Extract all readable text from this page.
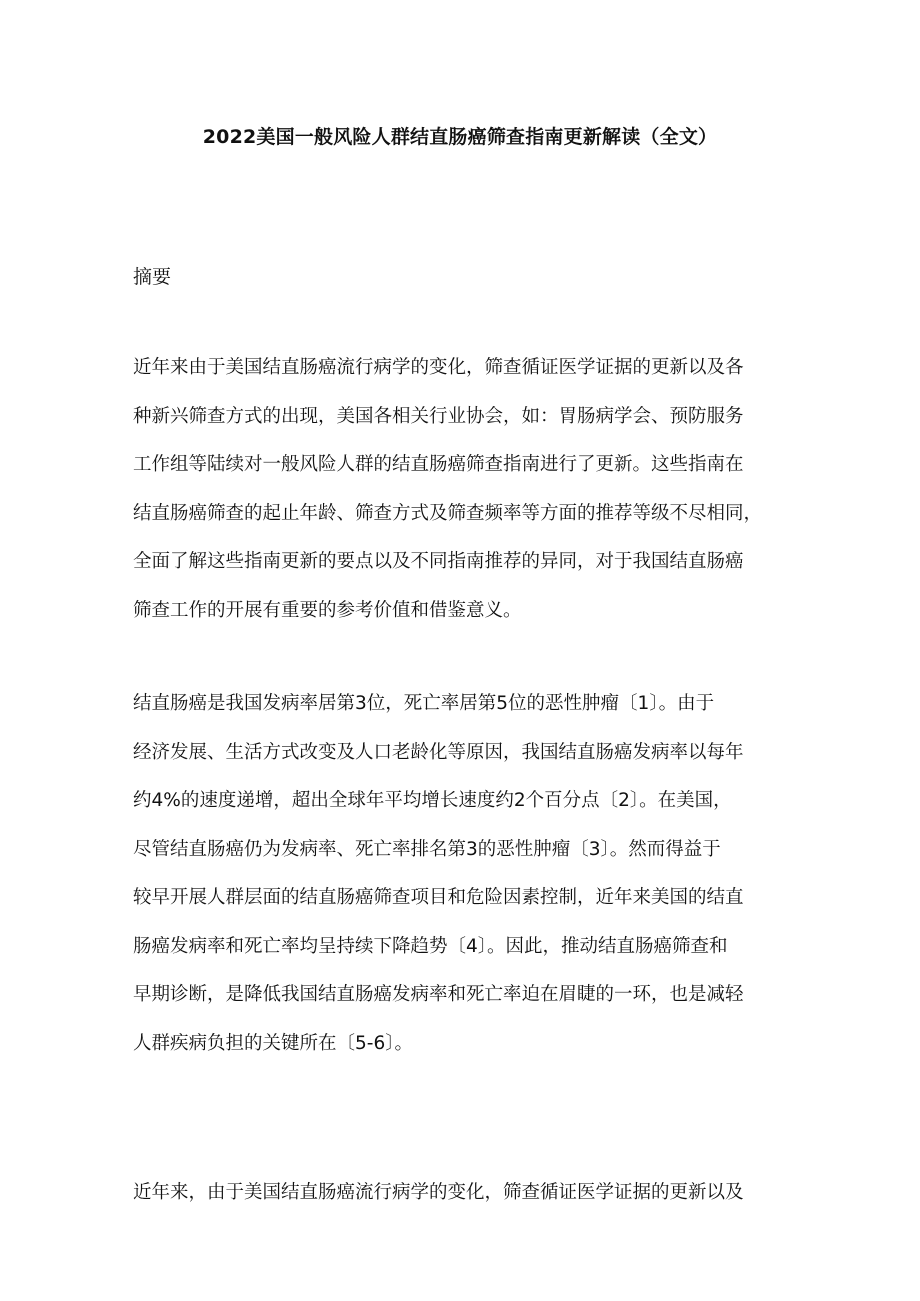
2022美国一般风险人群结直肠癌筛查指南更新解读（全文）
摘要
近年来由于美国结直肠癌流行病学的变化，筛查循证医学证据的更新以及各
种新兴筛查方式的出现，美国各相关行业协会，如：胃肠病学会、预防服务
工作组等陆续对一般风险人群的结直肠癌筛查指南进行了更新。这些指南在
结直肠癌筛查的起止年龄、筛查方式及筛查频率等方面的推荐等级不尽相同，
全面了解这些指南更新的要点以及不同指南推荐的异同，对于我国结直肠癌
筛查工作的开展有重要的参考价值和借鉴意义。
结直肠癌是我国发病率居第3位，死亡率居第5位的恶性肿瘤〔1〕。由于
经济发展、生活方式改变及人口老龄化等原因，我国结直肠癌发病率以每年
约4%的速度递增，超出全球年平均增长速度约2个百分点〔2〕。在美国，
尽管结直肠癌仍为发病率、死亡率排名第3的恶性肿瘤〔3〕。然而得益于
较早开展人群层面的结直肠癌筛查项目和危险因素控制，近年来美国的结直
肠癌发病率和死亡率均呈持续下降趋势〔4〕。因此，推动结直肠癌筛查和
早期诊断，是降低我国结直肠癌发病率和死亡率迫在眉睫的一环，也是减轻
人群疾病负担的关键所在〔5-6〕。
近年来，由于美国结直肠癌流行病学的变化，筛查循证医学证据的更新以及
